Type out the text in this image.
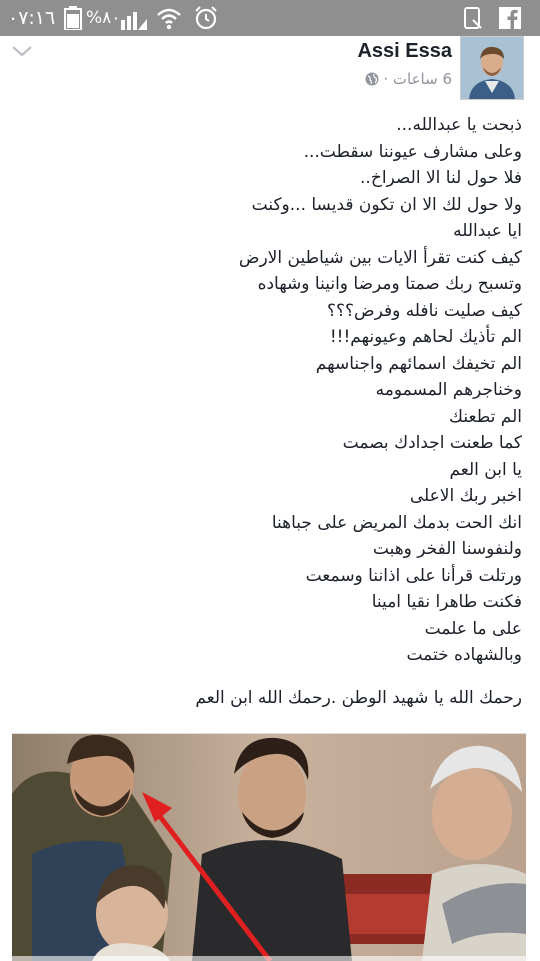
٠٧:١٦ %٨٠
Assi Essa
6 ساعات ·
ذبحت يا عبدالله...
وعلى مشارف عيوننا سقطت...
فلا حول لنا الا الصراخ..
ولا حول لك الا ان تكون قديسا ...وكنت
ايا عبدالله
كيف كنت تقرأ الايات بين شياطين الارض
وتسبح ربك صمتا ومرضا وانينا وشهاده
كيف صليت نافله وفرض؟؟؟
الم تأذيك لحاهم وعيونهم!!!
الم تخيفك اسمائهم واجناسهم
وخناجرهم المسمومه
الم تطعنك
كما طعنت اجدادك بصمت
يا ابن العم
اخبر ربك الاعلى
انك الحت بدمك المريض على جباهنا
ولنفوسنا الفخر وهبت
ورتلت قرأنا على اذاننا وسمعت
فكنت طاهرا نقيا امينا
على ما علمت
وبالشهاده ختمت
رحمك الله يا شهيد الوطن .رحمك الله ابن العم
